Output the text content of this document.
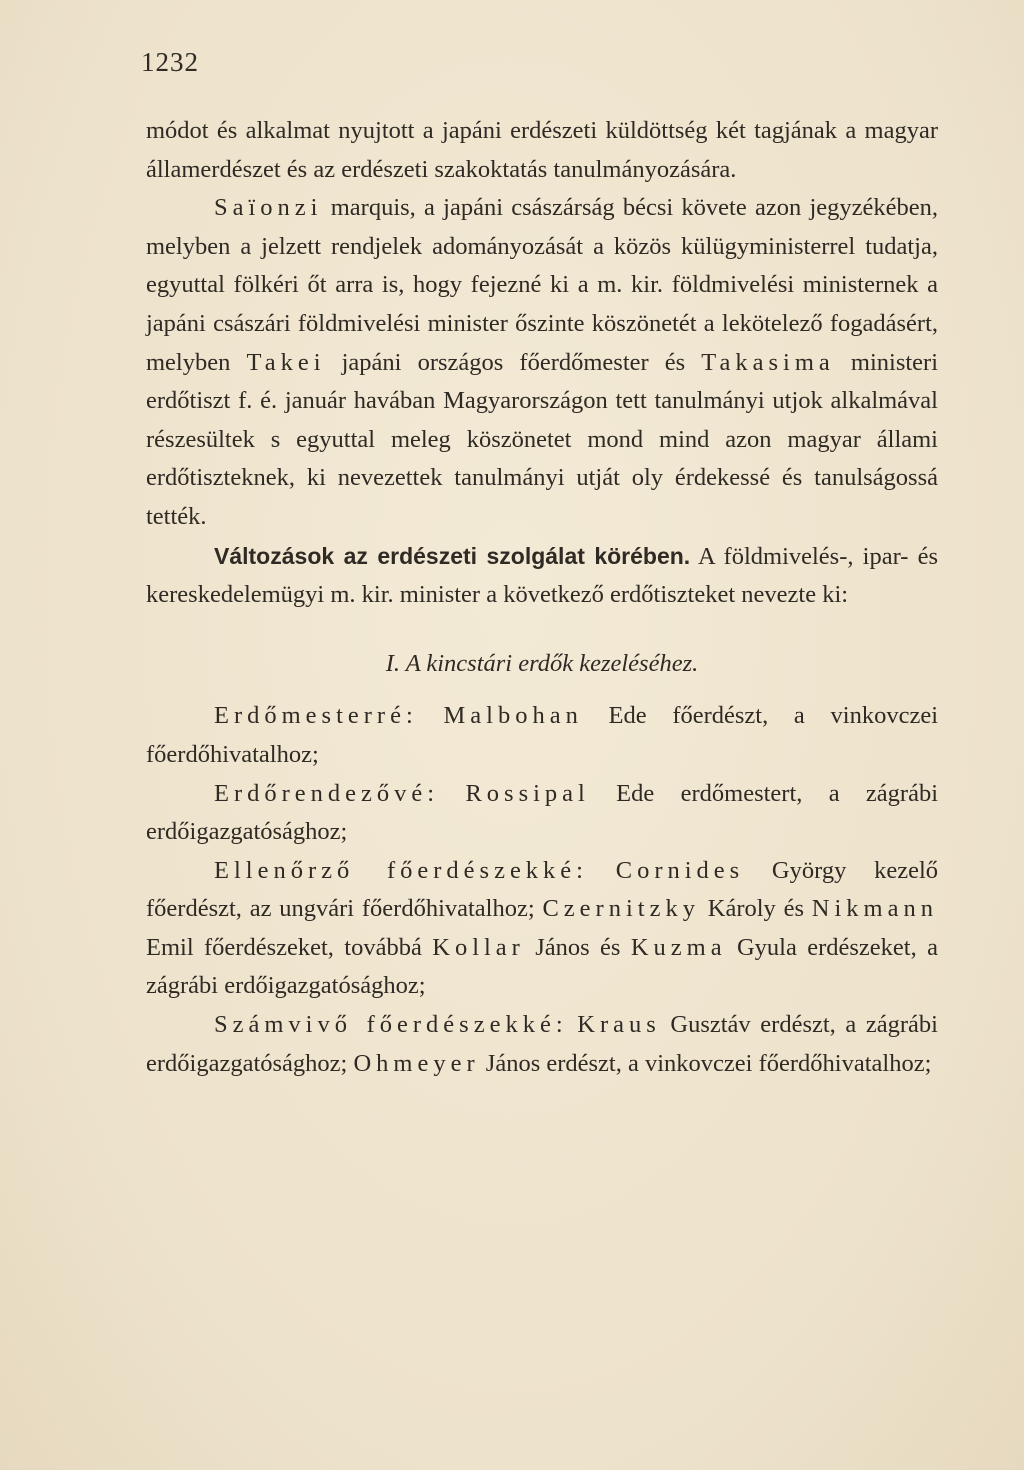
1232

módot és alkalmat nyujtott a japáni erdészeti küldöttség két tagjának a magyar államerdészet és az erdészeti szakoktatás tanulmányozására.

Saïonzi marquis, a japáni császárság bécsi követe azon jegyzékében, melyben a jelzett rendjelek adományozását a közös külügyministerrel tudatja, egyuttal fölkéri őt arra is, hogy fejezné ki a m. kir. földmivelési ministernek a japáni császári földmivelési minister őszinte köszönetét a lekötelező fogadásért, melyben Takei japáni országos főerdőmester és Takasima ministeri erdőtiszt f. é. január havában Magyarországon tett tanulmányi utjok alkalmával részesültek s egyuttal meleg köszönetet mond mind azon magyar állami erdőtiszteknek, ki nevezettek tanulmányi utját oly érdekessé és tanulságossá tették.

Változások az erdészeti szolgálat körében. A földmivelés-, ipar- és kereskedelemügyi m. kir. minister a következő erdőtiszteket nevezte ki:

I. A kincstári erdők kezeléséhez.

Erdőmesterré: Malbohan Ede főerdészt, a vinkovczei főerdőhivatalhoz;

Erdőrendezővé: Rossipal Ede erdőmestert, a zágrábi erdőigazgatósághoz;

Ellenőrző főerdészekké: Cornides György kezelő főerdészt, az ungvári főerdőhivatalhoz; Czernitzky Károly és Nikmann Emil főerdészeket, továbbá Kollar János és Kuzma Gyula erdészeket, a zágrábi erdőigazgatósághoz;

Számvivő főerdészekké: Kraus Gusztáv erdészt, a zágrábi erdőigazgatósághoz; Ohmeyer János erdészt, a vinkovczei főerdőhivatalhoz;
